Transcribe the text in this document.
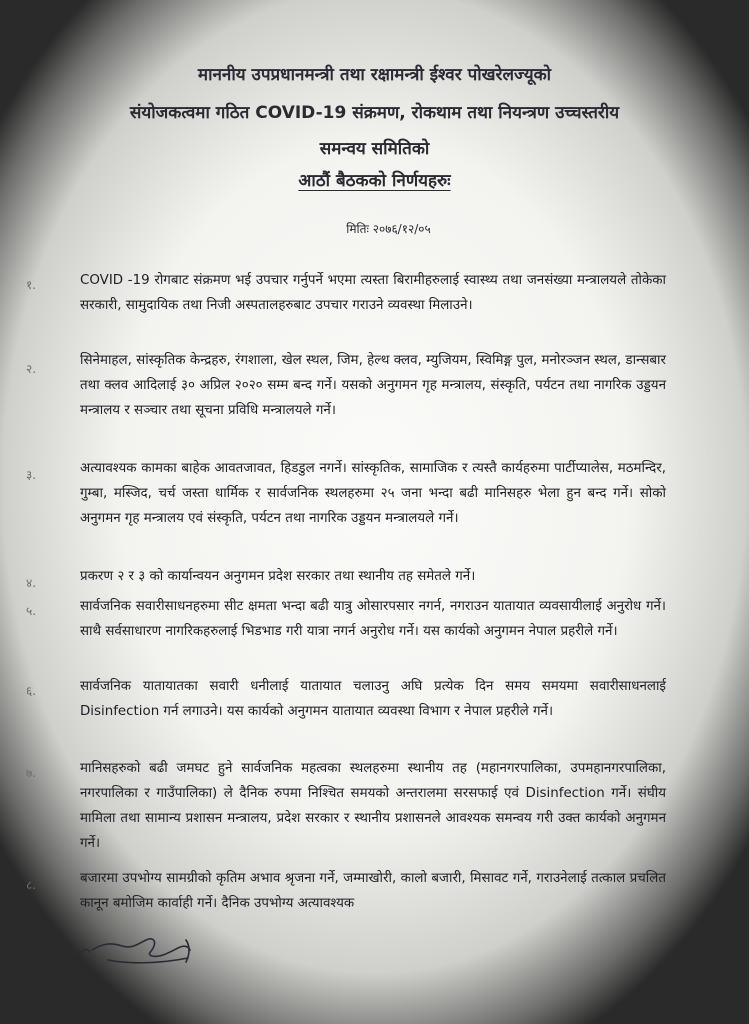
माननीय उपप्रधानमन्त्री तथा रक्षामन्त्री ईश्वर पोखरेलज्यूको
संयोजकत्वमा गठित COVID-19 संक्रमण, रोकथाम तथा नियन्त्रण उच्चस्तरीय
समन्वय समितिको
आठौं बैठकको निर्णयहरुः
मितिः २०७६/१२/०५
१.	COVID -19 रोगबाट संक्रमण भई उपचार गर्नुपर्ने भएमा त्यस्ता बिरामीहरुलाई स्वास्थ्य तथा जनसंख्या मन्त्रालयले तोकेका सरकारी, सामुदायिक तथा निजी अस्पतालहरुबाट उपचार गराउने व्यवस्था मिलाउने।
२.
सिनेमाहल, सांस्कृतिक केन्द्रहरु, रंगशाला, खेल स्थल, जिम, हेल्थ क्लव, म्युजियम, स्विमिङ्ग पुल, मनोरञ्जन स्थल, डान्सबार तथा क्लव आदिलाई ३० अप्रिल २०२० सम्म बन्द गर्ने। यसको अनुगमन गृह मन्त्रालय, संस्कृति, पर्यटन तथा नागरिक उड्डयन मन्त्रालय र सञ्चार तथा सूचना प्रविधि मन्त्रालयले गर्ने।
३.	अत्यावश्यक कामका बाहेक आवतजावत, हिडडुल नगर्ने। सांस्कृतिक, सामाजिक र त्यस्तै कार्यहरुमा पार्टीप्यालेस, मठमन्दिर, गुम्बा, मस्जिद, चर्च जस्ता धार्मिक र सार्वजनिक स्थलहरुमा २५ जना भन्दा बढी मानिसहरु भेला हुन बन्द गर्ने। सोको अनुगमन गृह मन्त्रालय एवं संस्कृति, पर्यटन तथा नागरिक उड्डयन मन्त्रालयले गर्ने।
४.	प्रकरण २ र ३ को कार्यान्वयन अनुगमन प्रदेश सरकार तथा स्थानीय तह समेतले गर्ने।
५.	सार्वजनिक सवारीसाधनहरुमा सीट क्षमता भन्दा बढी यात्रु ओसारपसार नगर्न, नगराउन यातायात व्यवसायीलाई अनुरोध गर्ने। साथै सर्वसाधारण नागरिकहरुलाई भिडभाड गरी यात्रा नगर्न अनुरोध गर्ने। यस कार्यको अनुगमन नेपाल प्रहरीले गर्ने।
६.	सार्वजनिक यातायातका सवारी धनीलाई यातायात चलाउनु अघि प्रत्येक दिन समय समयमा सवारीसाधनलाई Disinfection गर्न लगाउने। यस कार्यको अनुगमन यातायात व्यवस्था विभाग र नेपाल प्रहरीले गर्ने।
७.	मानिसहरुको बढी जमघट हुने सार्वजनिक महत्वका स्थलहरुमा स्थानीय तह (महानगरपालिका, उपमहानगरपालिका, नगरपालिका र गाउँपालिका) ले दैनिक रुपमा निश्चित समयको अन्तरालमा सरसफाई एवं Disinfection गर्ने। संघीय मामिला तथा सामान्य प्रशासन मन्त्रालय, प्रदेश सरकार र स्थानीय प्रशासनले आवश्यक समन्वय गरी उक्त कार्यको अनुगमन गर्ने।
८.	बजारमा उपभोग्य सामग्रीको कृतिम अभाव श्रृजना गर्ने, जम्माखोरी, कालो बजारी, मिसावट गर्ने, गराउनेलाई तत्काल प्रचलित कानून बमोजिम कार्वाही गर्ने। दैनिक उपभोग्य अत्यावश्यक
